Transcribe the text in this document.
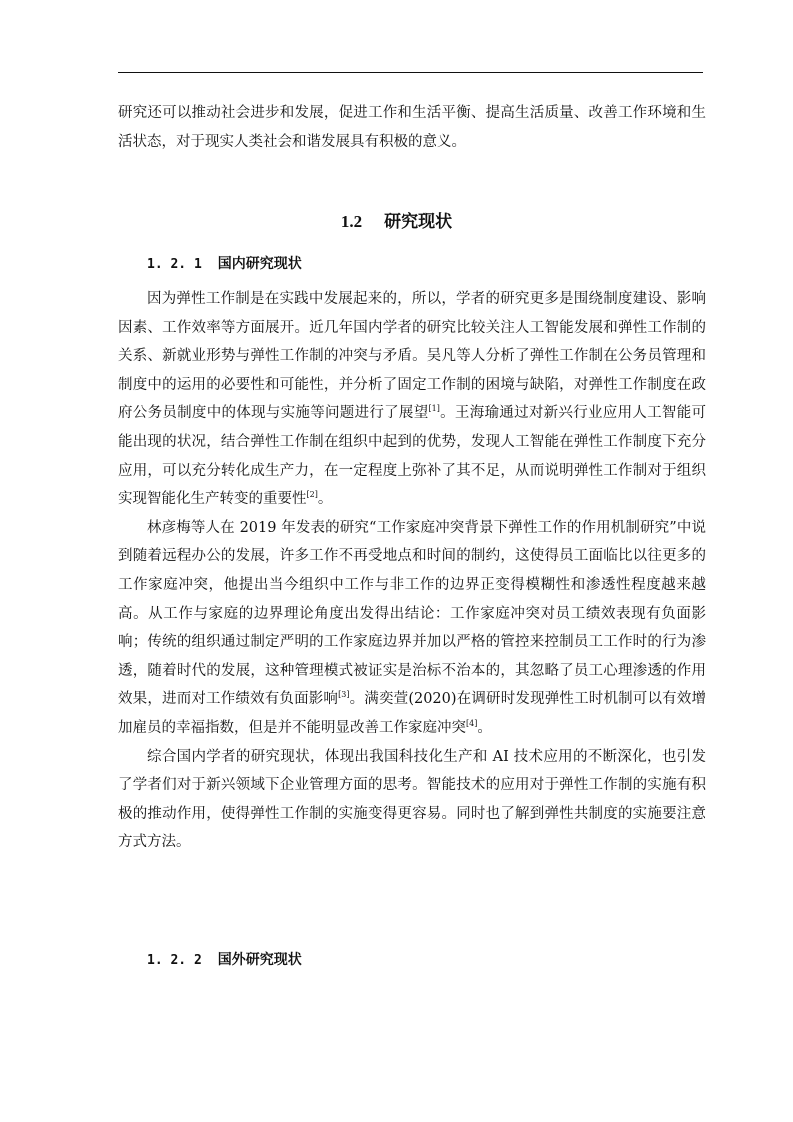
研究还可以推动社会进步和发展，促进工作和生活平衡、提高生活质量、改善工作环境和生活状态，对于现实人类社会和谐发展具有积极的意义。

1.2 研究现状
1. 2. 1 国内研究现状

因为弹性工作制是在实践中发展起来的，所以，学者的研究更多是围绕制度建设、影响因素、工作效率等方面展开。近几年国内学者的研究比较关注人工智能发展和弹性工作制的关系、新就业形势与弹性工作制的冲突与矛盾。吴凡等人分析了弹性工作制在公务员管理和制度中的运用的必要性和可能性，并分析了固定工作制的困境与缺陷，对弹性工作制度在政府公务员制度中的体现与实施等问题进行了展望[1]。王海瑜通过对新兴行业应用人工智能可能出现的状况，结合弹性工作制在组织中起到的优势，发现人工智能在弹性工作制度下充分应用，可以充分转化成生产力，在一定程度上弥补了其不足，从而说明弹性工作制对于组织实现智能化生产转变的重要性[2]。

林彦梅等人在 2019 年发表的研究“工作家庭冲突背景下弹性工作的作用机制研究”中说到随着远程办公的发展，许多工作不再受地点和时间的制约，这使得员工面临比以往更多的工作家庭冲突，他提出当今组织中工作与非工作的边界正变得模糊性和渗透性程度越来越高。从工作与家庭的边界理论角度出发得出结论：工作家庭冲突对员工绩效表现有负面影响；传统的组织通过制定严明的工作家庭边界并加以严格的管控来控制员工工作时的行为渗透，随着时代的发展，这种管理模式被证实是治标不治本的，其忽略了员工心理渗透的作用效果，进而对工作绩效有负面影响[3]。满奕萱(2020)在调研时发现弹性工时机制可以有效增加雇员的幸福指数，但是并不能明显改善工作家庭冲突[4]。

综合国内学者的研究现状，体现出我国科技化生产和 AI 技术应用的不断深化，也引发了学者们对于新兴领域下企业管理方面的思考。智能技术的应用对于弹性工作制的实施有积极的推动作用，使得弹性工作制的实施变得更容易。同时也了解到弹性共制度的实施要注意方式方法。

1. 2. 2 国外研究现状
